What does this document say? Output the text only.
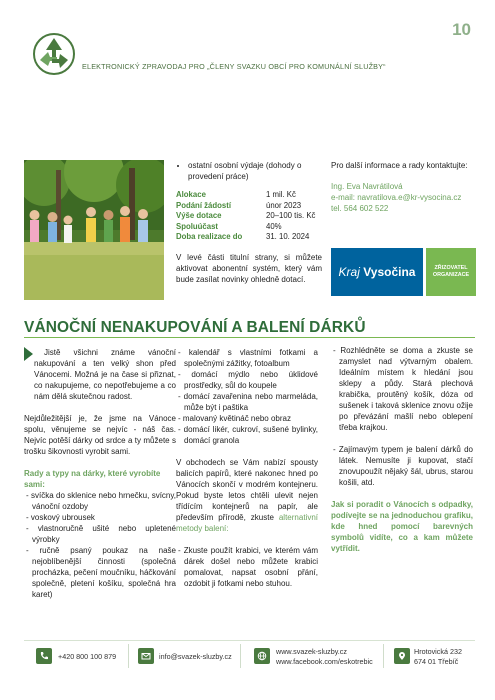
ELEKTRONICKÝ ZPRAVODAJ PRO „ČLENY SVAZKU OBCÍ PRO KOMUNÁLNÍ SLUŽBY“
10
• ostatní osobní výdaje (dohody o provedení práce)
Alokace	1 mil. Kč
Podání žádostí	únor 2023
Výše dotace	20–100 tis. Kč
Spoluúčast	40%
Doba realizace do	31. 10. 2024
V levé části titulní strany, si můžete aktivovat abonentní systém, který vám bude zasílat novinky ohledně dotací.
Pro další informace a rady kontaktujte:
Ing. Eva Navrátilová
e-mail: navratilova.e@kr-vysocina.cz
tel. 564 602 522
Kraj Vysočina	ZŘIZOVATEL
ORGANIZACE
VÁNOČNÍ NENAKUPOVÁNÍ A BALENÍ DÁRKŮ

Jistě všichni známe vánoční nakupování a ten velký shon před Vánocemi. Možná je na čase si přiznat, co nakupujeme, co nepotřebujeme a co nám dělá skutečnou radost.

Nejdůležitější je, že jsme na Vánoce spolu, věnujeme se nejvíc - náš čas. Nejvíc potěší dárky od srdce a ty můžete s trošku šikovnosti vyrobit sami.

Rady a typy na dárky, které vyrobíte sami:
- svíčka do sklenice nebo hrnečku, svícny, vánoční ozdoby
- voskový ubrousek
- vlastnoručně ušité nebo upletené výrobky
- ručně psaný poukaz na naše nejoblíbenější činnosti (společná procházka, pečení moučníku, háčkování společně, pletení košíku, společná hra karet)
- kalendář s vlastními fotkami a společnými zážitky, fotoalbum
- domácí mýdlo nebo úklidové prostředky, sůl do koupele
- domácí zavařenina nebo marmeláda, může být i paštika
- malovaný květináč nebo obraz
- domácí likér, cukroví, sušené bylinky, domácí granola

V obchodech se Vám nabízí spousty balicích papírů, které nakonec hned po Vánocích skončí v modrém kontejneru. Pokud byste letos chtěli ulevit nejen třídícím kontejnerů na papír, ale především přírodě, zkuste alternativní metody balení:

- Zkuste použít krabici, ve kterém vám dárek došel nebo můžete krabici pomalovat, napsat osobní přání, ozdobit ji fotkami nebo stuhou.
- Rozhlédněte se doma a zkuste se zamyslet nad výtvarným obalem. Ideálním místem k hledání jsou sklepy a půdy. Stará plechová krabička, proutěný košík, dóza od sušenek i taková sklenice znovu ožije po převázání mašlí nebo oblepení třeba krajkou.
- Zajímavým typem je balení dárků do látek. Nemusíte ji kupovat, stačí znovupoužít nějaký šál, ubrus, starou košili, atd.

Jak si poradit o Vánocích s odpadky, podívejte se na jednoduchou grafiku, kde hned pomocí barevných symbolů vidíte, co a kam můžete vytřídit.

+420 800 100 879	info@svazek-sluzby.cz
www.svazek-sluzby.cz
www.facebook.com/eskotrebic
Hrotovická 232
674 01 Třebíč
